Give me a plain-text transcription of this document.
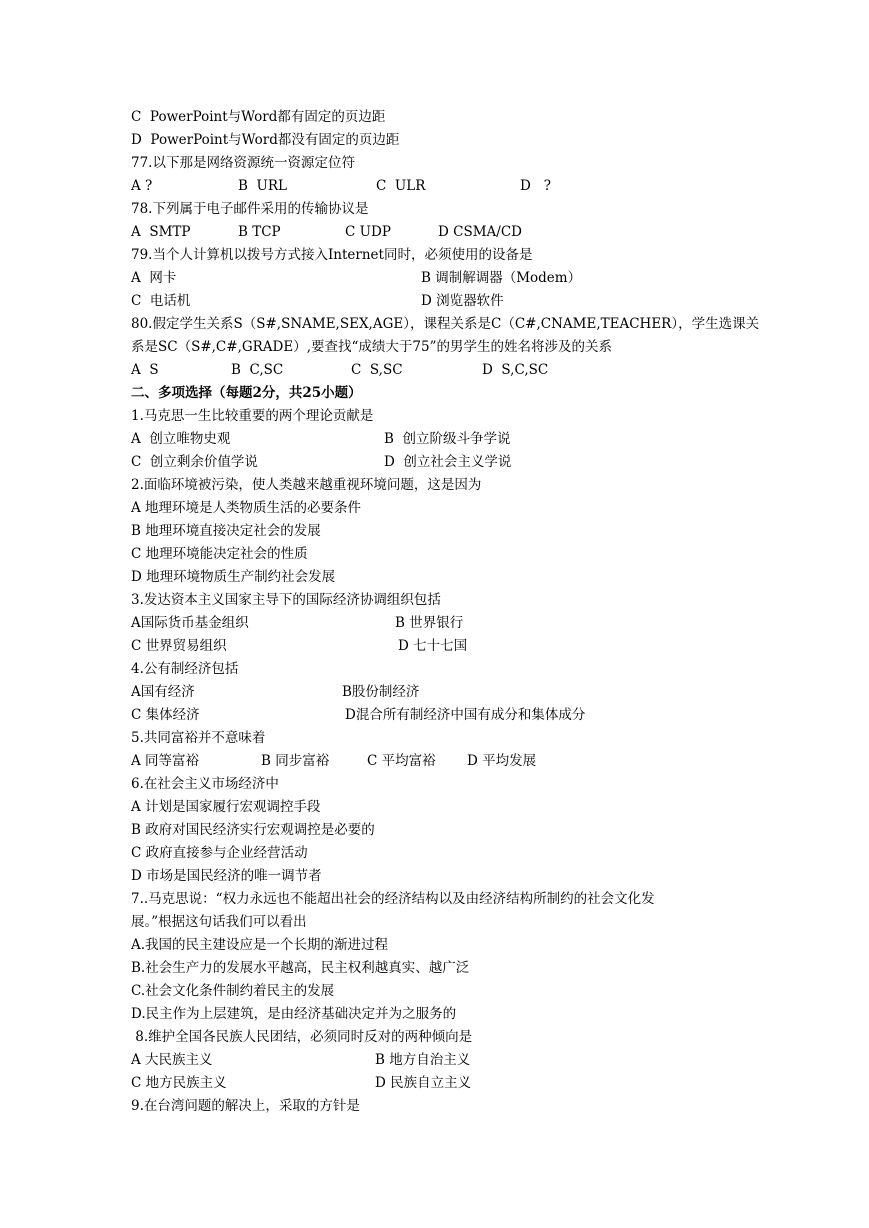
C  PowerPoint与Word都有固定的页边距
D  PowerPoint与Word都没有固定的页边距
77.以下那是网络资源统一资源定位符
A ?	B  URL	C  ULR	D   ?
78.下列属于电子邮件采用的传输协议是
A  SMTP	B TCP	C UDP	D CSMA/CD
79.当个人计算机以拨号方式接入Internet同时，必须使用的设备是
A  网卡	B 调制解调器（Modem）
C  电话机	D 浏览器软件
80.假定学生关系S（S#,SNAME,SEX,AGE），课程关系是C（C#,CNAME,TEACHER），学生选课关
系是SC（S#,C#,GRADE）,要查找“成绩大于75”的男学生的姓名将涉及的关系
A  S	B  C,SC	C  S,SC	D  S,C,SC
二、多项选择（每题2分，共25小题）
1.马克思一生比较重要的两个理论贡献是
A  创立唯物史观	B  创立阶级斗争学说
C  创立剩余价值学说	D  创立社会主义学说
2.面临环境被污染，使人类越来越重视环境问题，这是因为
A 地理环境是人类物质生活的必要条件
B 地理环境直接决定社会的发展
C 地理环境能决定社会的性质
D 地理环境物质生产制约社会发展
3.发达资本主义国家主导下的国际经济协调组织包括
A国际货币基金组织	B 世界银行
C 世界贸易组织	D 七十七国
4.公有制经济包括
A国有经济	B股份制经济
C 集体经济	D混合所有制经济中国有成分和集体成分
5.共同富裕并不意味着
A 同等富裕	B 同步富裕	C 平均富裕 D 平均发展
6.在社会主义市场经济中
A 计划是国家履行宏观调控手段
B 政府对国民经济实行宏观调控是必要的
C 政府直接参与企业经营活动
D 市场是国民经济的唯一调节者
7..马克思说：“权力永远也不能超出社会的经济结构以及由经济结构所制约的社会文化发
展。”根据这句话我们可以看出
A.我国的民主建设应是一个长期的渐进过程
B.社会生产力的发展水平越高，民主权利越真实、越广泛
C.社会文化条件制约着民主的发展
D.民主作为上层建筑，是由经济基础决定并为之服务的
8.维护全国各民族人民团结，必须同时反对的两种倾向是
A 大民族主义	B 地方自治主义
C 地方民族主义	D 民族自立主义
9.在台湾问题的解决上，采取的方针是
